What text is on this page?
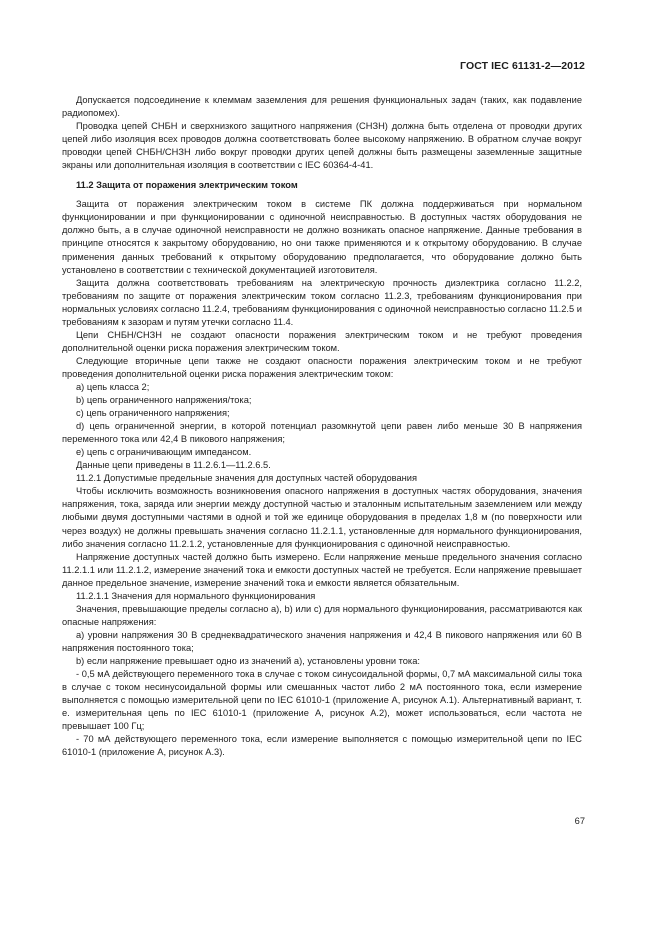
ГОСТ IEC 61131-2—2012

Допускается подсоединение к клеммам заземления для решения функциональных задач (таких, как подавление радиопомех).

Проводка цепей СНБН и сверхнизкого защитного напряжения (СНЗН) должна быть отделена от проводки других цепей либо изоляция всех проводов должна соответствовать более высокому напряжению. В обратном случае вокруг проводки цепей СНБН/СНЗН либо вокруг проводки других цепей должны быть размещены заземленные защитные экраны или дополнительная изоляция в соответствии с IEC 60364-4-41.

11.2 Защита от поражения электрическим током

Защита от поражения электрическим током в системе ПК должна поддерживаться при нормальном функционировании и при функционировании с одиночной неисправностью. В доступных частях оборудования не должно быть, а в случае одиночной неисправности не должно возникать опасное напряжение. Данные требования в принципе относятся к закрытому оборудованию, но они также применяются и к открытому оборудованию. В случае применения данных требований к открытому оборудованию предполагается, что оборудование должно быть установлено в соответствии с технической документацией изготовителя.

Защита должна соответствовать требованиям на электрическую прочность диэлектрика согласно 11.2.2, требованиям по защите от поражения электрическим током согласно 11.2.3, требованиям функционирования при нормальных условиях согласно 11.2.4, требованиям функционирования с одиночной неисправностью согласно 11.2.5 и требованиям к зазорам и путям утечки согласно 11.4.

Цепи СНБН/СНЗН не создают опасности поражения электрическим током и не требуют проведения дополнительной оценки риска поражения электрическим током.

Следующие вторичные цепи также не создают опасности поражения электрическим током и не требуют проведения дополнительной оценки риска поражения электрическим током:

a) цепь класса 2;

b) цепь ограниченного напряжения/тока;

c) цепь ограниченного напряжения;

d) цепь ограниченной энергии, в которой потенциал разомкнутой цепи равен либо меньше 30 В напряжения переменного тока или 42,4 В пикового напряжения;

e) цепь с ограничивающим импедансом.

Данные цепи приведены в 11.2.6.1—11.2.6.5.

11.2.1 Допустимые предельные значения для доступных частей оборудования

Чтобы исключить возможность возникновения опасного напряжения в доступных частях оборудования, значения напряжения, тока, заряда или энергии между доступной частью и эталонным испытательным заземлением или между любыми двумя доступными частями в одной и той же единице оборудования в пределах 1,8 м (по поверхности или через воздух) не должны превышать значения согласно 11.2.1.1, установленные для нормального функционирования, либо значения согласно 11.2.1.2, установленные для функционирования с одиночной неисправностью.

Напряжение доступных частей должно быть измерено. Если напряжение меньше предельного значения согласно 11.2.1.1 или 11.2.1.2, измерение значений тока и емкости доступных частей не требуется. Если напряжение превышает данное предельное значение, измерение значений тока и емкости является обязательным.

11.2.1.1 Значения для нормального функционирования

Значения, превышающие пределы согласно а), b) или с) для нормального функционирования, рассматриваются как опасные напряжения:

а) уровни напряжения 30 В среднеквадратического значения напряжения и 42,4 В пикового напряжения или 60 В напряжения постоянного тока;

b) если напряжение превышает одно из значений а), установлены уровни тока:

- 0,5 мА действующего переменного тока в случае с током синусоидальной формы, 0,7 мА максимальной силы тока в случае с током несинусоидальной формы или смешанных частот либо 2 мА постоянного тока, если измерение выполняется с помощью измерительной цепи по IEC 61010-1 (приложение А, рисунок А.1). Альтернативный вариант, т. е. измерительная цепь по IEC 61010-1 (приложение А, рисунок А.2), может использоваться, если частота не превышает 100 Гц;

- 70 мА действующего переменного тока, если измерение выполняется с помощью измерительной цепи по IEC 61010-1 (приложение А, рисунок А.3).

67
